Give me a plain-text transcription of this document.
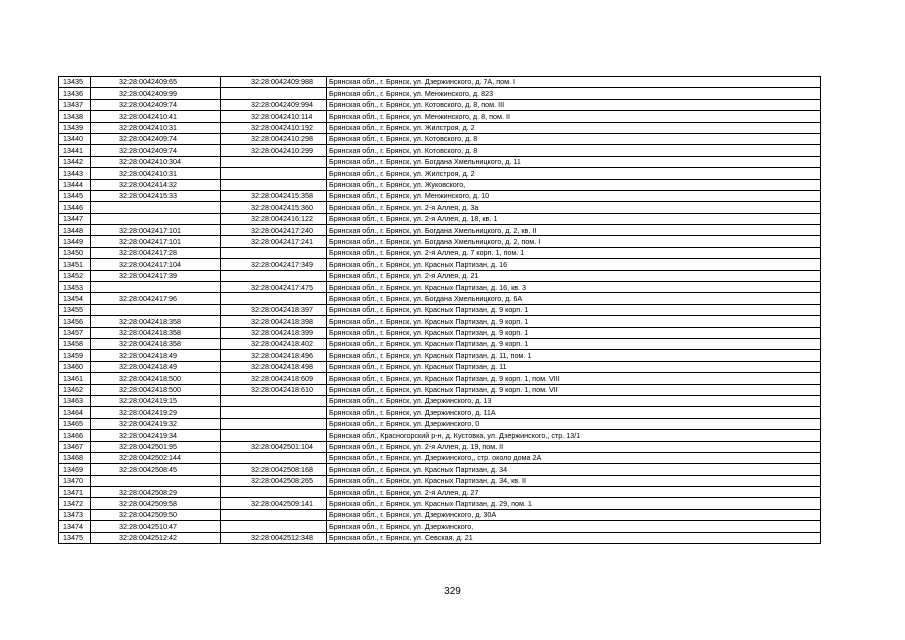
13435	32:28:0042409:65	32:28:0042409:988	Брянская обл., г. Брянск, ул. Дзержинского, д. 7А, пом. I
13436	32:28:0042409:99		Брянская обл., г. Брянск, ул. Менжинского, д. 823
13437	32:28:0042409:74	32:28:0042409:994	Брянская обл., г. Брянск, ул. Котовского, д. 8, пом. III
13438	32:28:0042410:41	32:28:0042410:114	Брянская обл., г. Брянск, ул. Менжинского, д. 8, пом. II
13439	32:28:0042410:31	32:28:0042410:192	Брянская обл., г. Брянск, ул. Жилстроя, д. 2
13440	32:28:0042409:74	32:28:0042410:298	Брянская обл., г. Брянск, ул. Котовского, д. 8
13441	32:28:0042409:74	32:28:0042410:299	Брянская обл., г. Брянск, ул. Котовского, д. 8
13442	32:28:0042410:304		Брянская обл., г. Брянск, ул. Богдана Хмельницкого, д. 11
13443	32:28:0042410:31		Брянская обл., г. Брянск, ул. Жилстроя, д. 2
13444	32:28:0042414:32		Брянская обл., г. Брянск, ул. Жуковского,
13445	32:28:0042415:33	32:28:0042415:358	Брянская обл., г. Брянск, ул. Менжинского, д. 10
13446		32:28:0042415:360	Брянская обл., г. Брянск, ул. 2-я Аллея, д. 3а
13447		32:28:0042416:122	Брянская обл., г. Брянск, ул. 2-я Аллея, д. 18, кв. 1
13448	32:28:0042417:101	32:28:0042417:240	Брянская обл., г. Брянск, ул. Богдана Хмельницкого, д. 2, кв. II
13449	32:28:0042417:101	32:28:0042417:241	Брянская обл., г. Брянск, ул. Богдана Хмельницкого, д. 2, пом. I
13450	32:28:0042417:28		Брянская обл., г. Брянск, ул. 2-я Аллея, д. 7 корп. 1, пом. 1
13451	32:28:0042417:104	32:28:0042417:349	Брянская обл., г. Брянск, ул. Красных Партизан, д. 16
13452	32:28:0042417:39		Брянская обл., г. Брянск, ул. 2-я Аллея, д. 21
13453		32:28:0042417:475	Брянская обл., г. Брянск, ул. Красных Партизан, д. 16, кв. 3
13454	32:28:0042417:96		Брянская обл., г. Брянск, ул. Богдана Хмельницкого, д. 6А
13455		32:28:0042418:397	Брянская обл., г. Брянск, ул. Красных Партизан, д. 9 корп. 1
13456	32:28:0042418:358	32:28:0042418:398	Брянская обл., г. Брянск, ул. Красных Партизан, д. 9 корп. 1
13457	32:28:0042418:358	32:28:0042418:399	Брянская обл., г. Брянск, ул. Красных Партизан, д. 9 корп. 1
13458	32:28:0042418:358	32:28:0042418:402	Брянская обл., г. Брянск, ул. Красных Партизан, д. 9 корп. 1
13459	32:28:0042418:49	32:28:0042418:496	Брянская обл., г. Брянск, ул. Красных Партизан, д. 11, пом. 1
13460	32:28:0042418:49	32:28:0042418:498	Брянская обл., г. Брянск, ул. Красных Партизан, д. 11
13461	32:28:0042418:500	32:28:0042418:609	Брянская обл., г. Брянск, ул. Красных Партизан, д. 9 корп. 1, пом. VIII
13462	32:28:0042418:500	32:28:0042418:610	Брянская обл., г. Брянск, ул. Красных Партизан, д. 9 корп. 1, пом. VII
13463	32:28:0042419:15		Брянская обл., г. Брянск, ул. Дзержинского, д. 13
13464	32:28:0042419:29		Брянская обл., г. Брянск, ул. Дзержинского, д. 11А
13465	32:28:0042419:32		Брянская обл., г. Брянск, ул. Дзержинского, 0
13466	32:28:0042419:34		Брянская обл., Красногорский р-н, д. Кустовка, ул. Дзержинского,, стр. 13/1
13467	32:28:0042501:95	32:28:0042501:104	Брянская обл., г. Брянск, ул. 2-я Аллея, д. 19, пом. II
13468	32:28:0042502:144		Брянская обл., г. Брянск, ул. Дзержинского,, стр. около дома 2А
13469	32:28:0042508:45	32:28:0042508:168	Брянская обл., г. Брянск, ул. Красных Партизан, д. 34
13470		32:28:0042508:265	Брянская обл., г. Брянск, ул. Красных Партизан, д. 34, кв. II
13471	32:28:0042508:29		Брянская обл., г. Брянск, ул. 2-я Аллея, д. 27
13472	32:28:0042509:58	32:28:0042509:141	Брянская обл., г. Брянск, ул. Красных Партизан, д. 29, пом. 1
13473	32:28:0042509:50		Брянская обл., г. Брянск, ул. Дзержинского, д. 30А
13474	32:28:0042510:47		Брянская обл., г. Брянск, ул. Дзержинского,
13475	32:28:0042512:42	32:28:0042512:348	Брянская обл., г. Брянск, ул. Севская, д. 21
329
